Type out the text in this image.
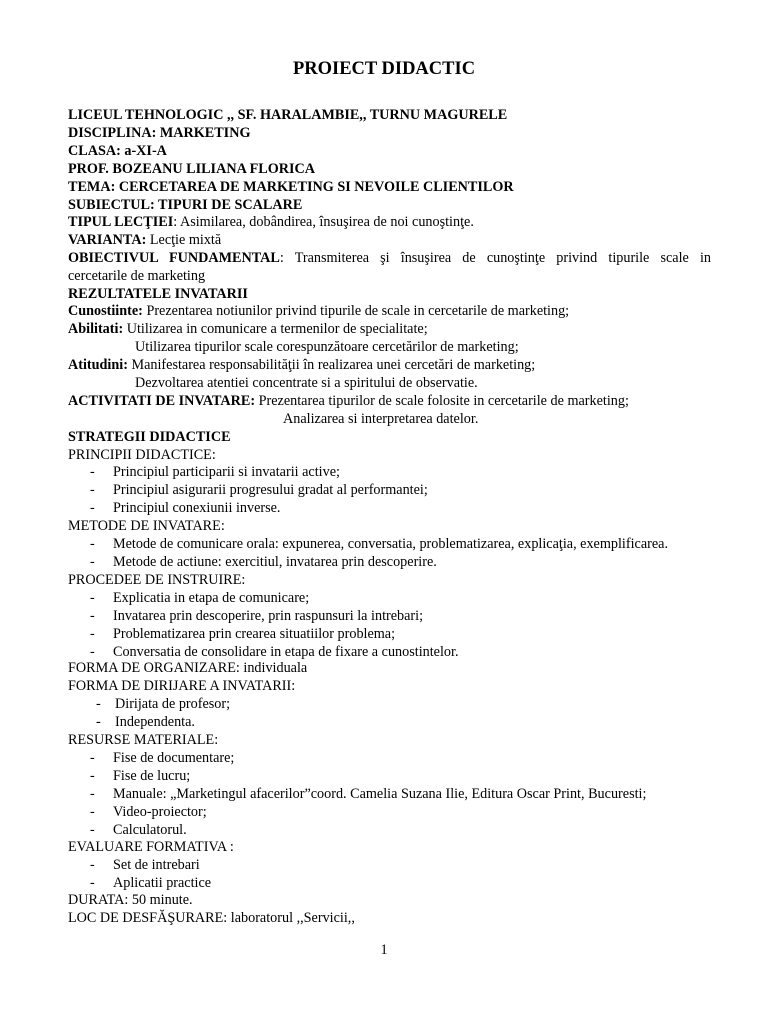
PROIECT DIDACTIC
LICEUL TEHNOLOGIC ,, SF. HARALAMBIE,, TURNU MAGURELE
DISCIPLINA: MARKETING
CLASA: a-XI-A
PROF. BOZEANU LILIANA FLORICA
TEMA: CERCETAREA DE MARKETING SI NEVOILE CLIENTILOR
SUBIECTUL: TIPURI DE SCALARE
TIPUL LECŢIEI: Asimilarea, dobândirea, însuşirea de noi cunoştinţe.
VARIANTA: Lecţie mixtă
OBIECTIVUL FUNDAMENTAL: Transmiterea şi însuşirea de cunoştinţe privind tipurile scale in
cercetarile de marketing
REZULTATELE INVATARII
Cunostiinte: Prezentarea notiunilor privind tipurile de scale in cercetarile de marketing;
Abilitati: Utilizarea in comunicare a termenilor de specialitate;
Utilizarea tipurilor scale corespunzătoare cercetărilor de marketing;
Atitudini: Manifestarea responsabilităţii în realizarea unei cercetări de marketing;
Dezvoltarea atentiei concentrate si a spiritului de observatie.
ACTIVITATI DE INVATARE: Prezentarea tipurilor de scale folosite in cercetarile de marketing;
Analizarea si interpretarea datelor.
STRATEGII DIDACTICE
PRINCIPII DIDACTICE:
- Principiul participarii si invatarii active;
- Principiul asigurarii progresului gradat al performantei;
- Principiul conexiunii inverse.
METODE DE INVATARE:
- Metode de comunicare orala: expunerea, conversatia, problematizarea, explicaţia, exemplificarea.
- Metode de actiune: exercitiul, invatarea prin descoperire.
PROCEDEE DE INSTRUIRE:
- Explicatia in etapa de comunicare;
- Invatarea prin descoperire, prin raspunsuri la intrebari;
- Problematizarea prin crearea situatiilor problema;
- Conversatia de consolidare in etapa de fixare a cunostintelor.
FORMA DE ORGANIZARE: individuala
FORMA DE DIRIJARE A INVATARII:
- Dirijata de profesor;
- Independenta.
RESURSE MATERIALE:
- Fise de documentare;
- Fise de lucru;
- Manuale: „Marketingul afacerilor”coord. Camelia Suzana Ilie, Editura Oscar Print, Bucuresti;
- Video-proiector;
- Calculatorul.
EVALUARE FORMATIVA :
- Set de intrebari
- Aplicatii practice
DURATA: 50 minute.
LOC DE DESFĂŞURARE: laboratorul ,,Servicii,,
1
